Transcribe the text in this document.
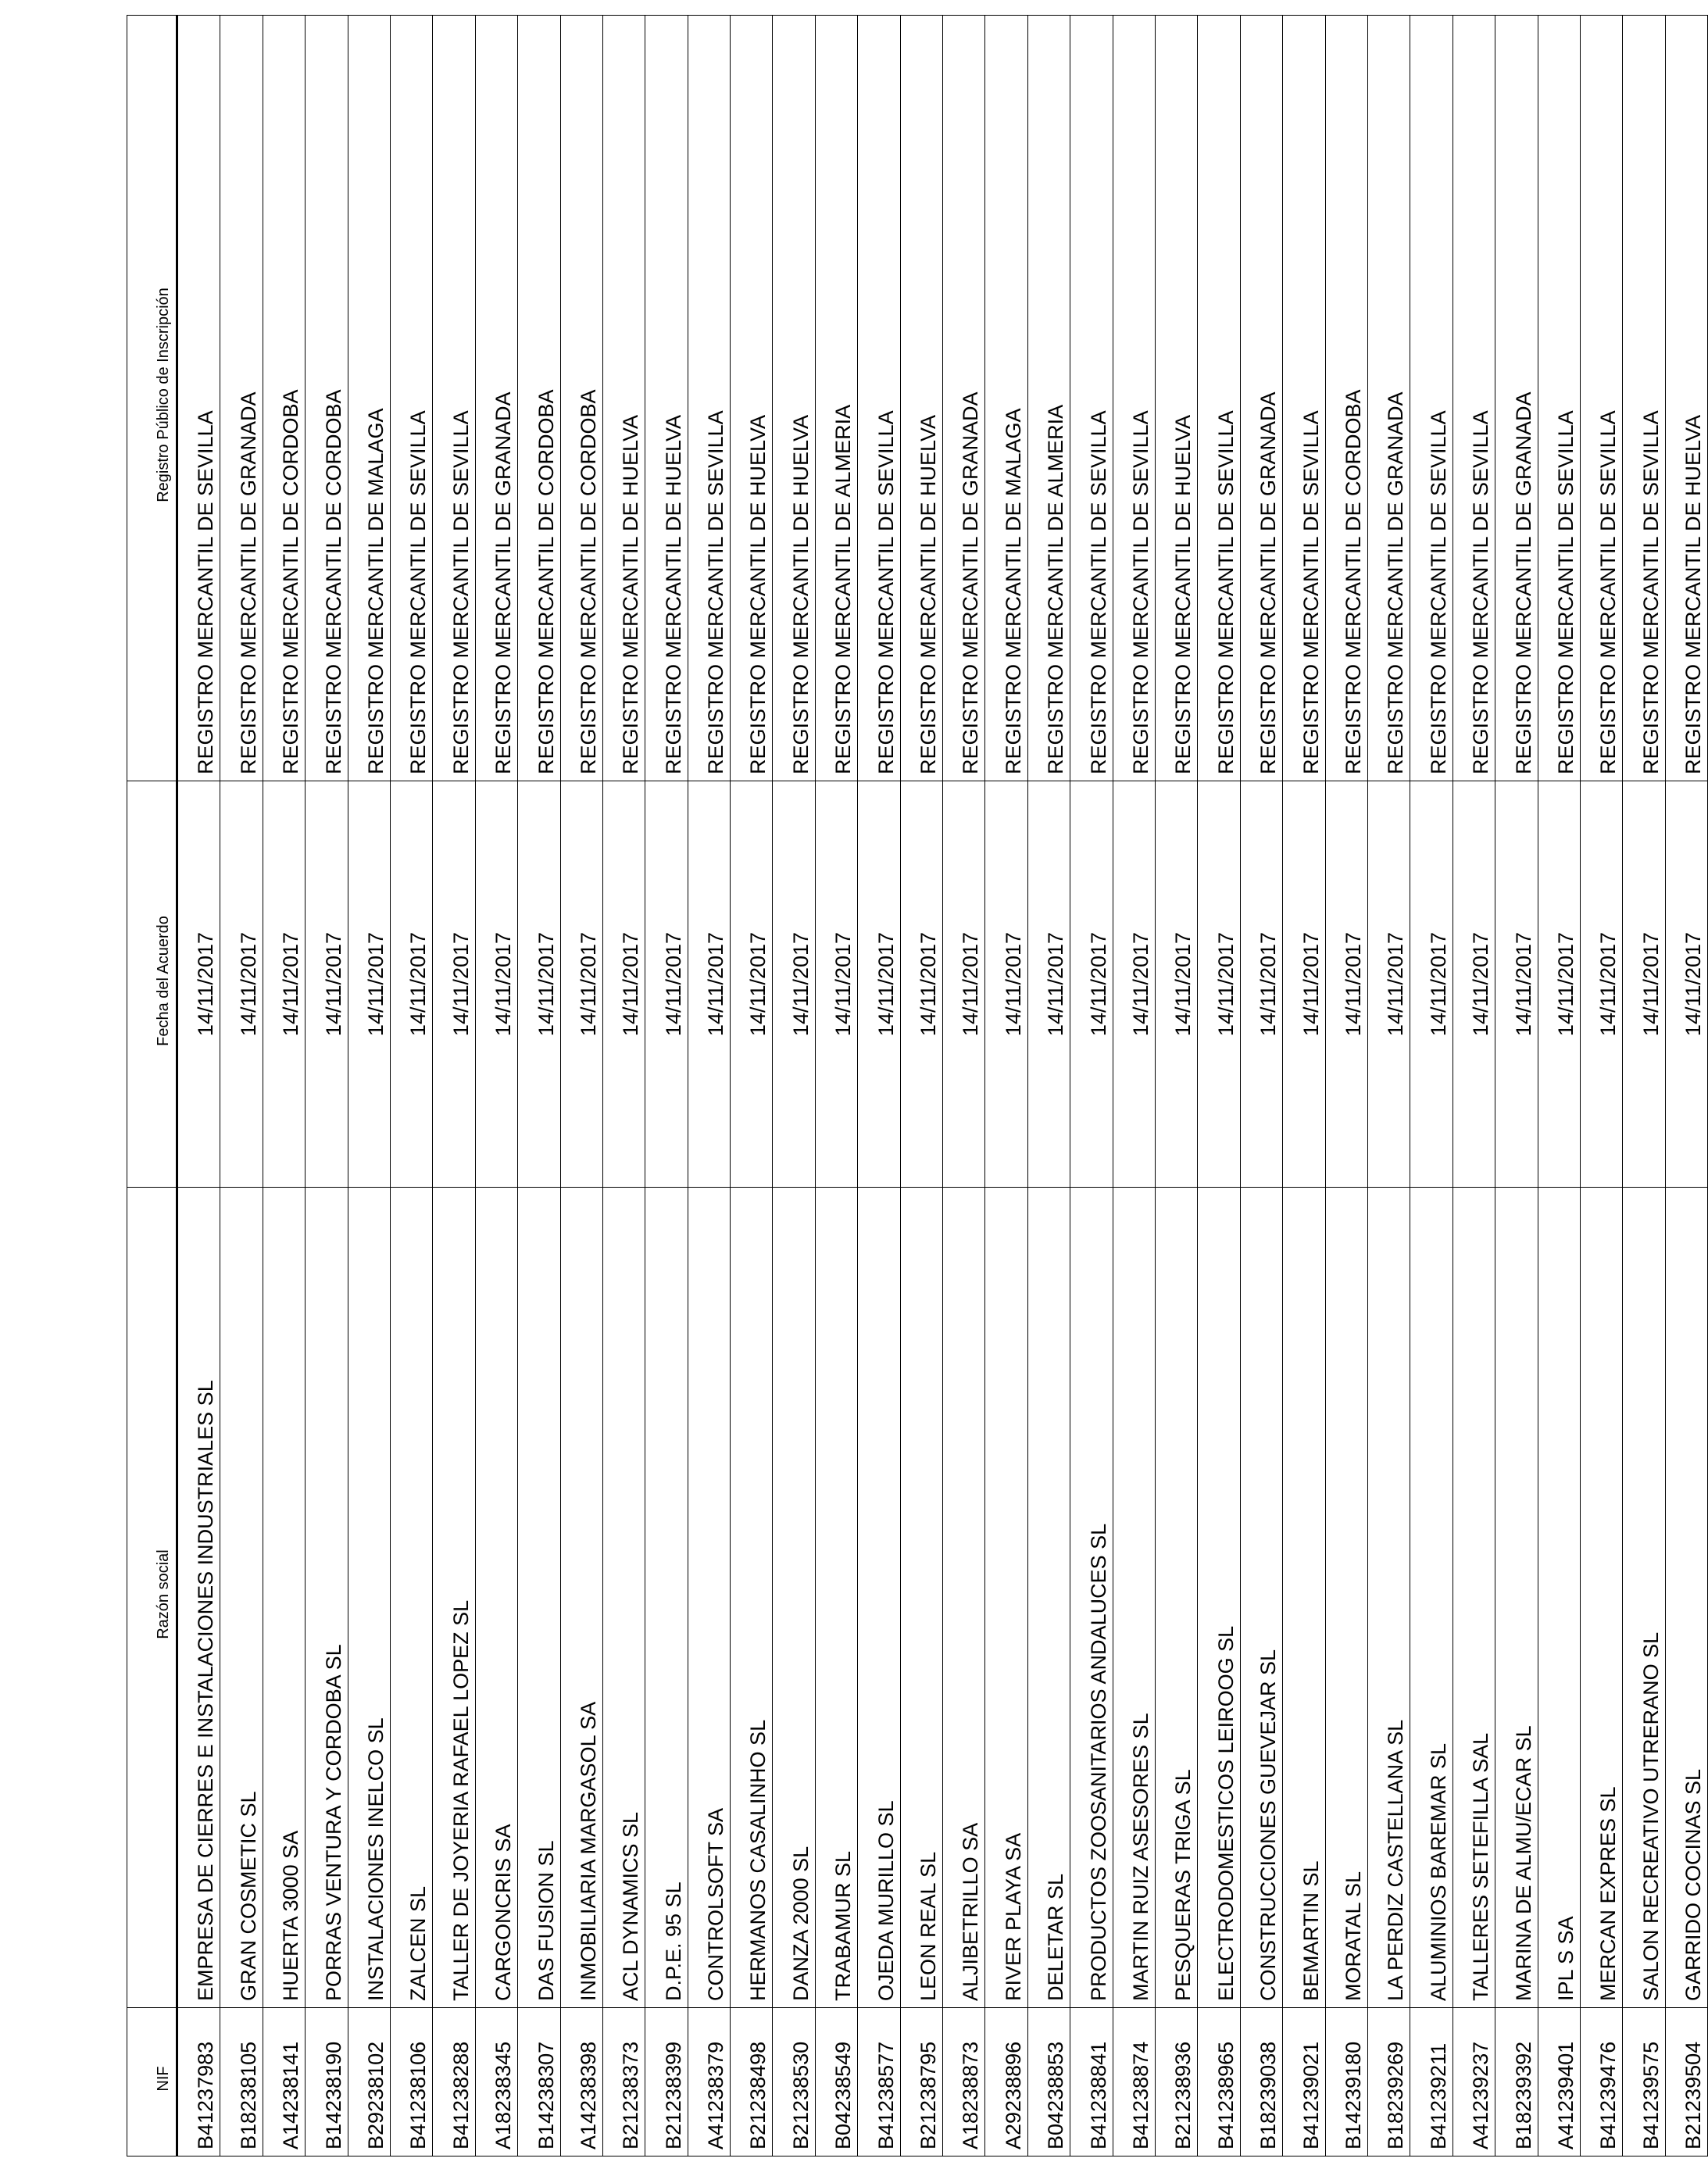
NIF	Razón social	Fecha del Acuerdo	Registro Público de Inscripción
B41237983	EMPRESA DE CIERRES E INSTALACIONES INDUSTRIALES SL	14/11/2017	REGISTRO MERCANTIL DE SEVILLA
B18238105	GRAN COSMETIC SL	14/11/2017	REGISTRO MERCANTIL DE GRANADA
A14238141	HUERTA 3000 SA	14/11/2017	REGISTRO MERCANTIL DE CORDOBA
B14238190	PORRAS VENTURA Y CORDOBA SL	14/11/2017	REGISTRO MERCANTIL DE CORDOBA
B29238102	INSTALACIONES INELCO SL	14/11/2017	REGISTRO MERCANTIL DE MALAGA
B41238106	ZALCEN SL	14/11/2017	REGISTRO MERCANTIL DE SEVILLA
B41238288	TALLER DE JOYERIA RAFAEL LOPEZ SL	14/11/2017	REGISTRO MERCANTIL DE SEVILLA
A18238345	CARGONCRIS SA	14/11/2017	REGISTRO MERCANTIL DE GRANADA
B14238307	DAS FUSION SL	14/11/2017	REGISTRO MERCANTIL DE CORDOBA
A14238398	INMOBILIARIA MARGASOL SA	14/11/2017	REGISTRO MERCANTIL DE CORDOBA
B21238373	ACL DYNAMICS SL	14/11/2017	REGISTRO MERCANTIL DE HUELVA
B21238399	D.P.E. 95 SL	14/11/2017	REGISTRO MERCANTIL DE HUELVA
A41238379	CONTROLSOFT SA	14/11/2017	REGISTRO MERCANTIL DE SEVILLA
B21238498	HERMANOS CASALINHO SL	14/11/2017	REGISTRO MERCANTIL DE HUELVA
B21238530	DANZA 2000 SL	14/11/2017	REGISTRO MERCANTIL DE HUELVA
B04238549	TRABAMUR SL	14/11/2017	REGISTRO MERCANTIL DE ALMERIA
B41238577	OJEDA MURILLO SL	14/11/2017	REGISTRO MERCANTIL DE SEVILLA
B21238795	LEON REAL SL	14/11/2017	REGISTRO MERCANTIL DE HUELVA
A18238873	ALJIBETRILLO SA	14/11/2017	REGISTRO MERCANTIL DE GRANADA
A29238896	RIVER PLAYA SA	14/11/2017	REGISTRO MERCANTIL DE MALAGA
B04238853	DELETAR SL	14/11/2017	REGISTRO MERCANTIL DE ALMERIA
B41238841	PRODUCTOS ZOOSANITARIOS ANDALUCES SL	14/11/2017	REGISTRO MERCANTIL DE SEVILLA
B41238874	MARTIN RUIZ ASESORES SL	14/11/2017	REGISTRO MERCANTIL DE SEVILLA
B21238936	PESQUERAS TRIGA SL	14/11/2017	REGISTRO MERCANTIL DE HUELVA
B41238965	ELECTRODOMESTICOS LEIROOG SL	14/11/2017	REGISTRO MERCANTIL DE SEVILLA
B18239038	CONSTRUCCIONES GUEVEJAR SL	14/11/2017	REGISTRO MERCANTIL DE GRANADA
B41239021	BEMARTIN SL	14/11/2017	REGISTRO MERCANTIL DE SEVILLA
B14239180	MORATAL SL	14/11/2017	REGISTRO MERCANTIL DE CORDOBA
B18239269	LA PERDIZ CASTELLANA SL	14/11/2017	REGISTRO MERCANTIL DE GRANADA
B41239211	ALUMINIOS BAREMAR SL	14/11/2017	REGISTRO MERCANTIL DE SEVILLA
A41239237	TALLERES SETEFILLA SAL	14/11/2017	REGISTRO MERCANTIL DE SEVILLA
B18239392	MARINA DE ALMU/ECAR SL	14/11/2017	REGISTRO MERCANTIL DE GRANADA
A41239401	IPL S SA	14/11/2017	REGISTRO MERCANTIL DE SEVILLA
B41239476	MERCAN EXPRES SL	14/11/2017	REGISTRO MERCANTIL DE SEVILLA
B41239575	SALON RECREATIVO UTRERANO SL	14/11/2017	REGISTRO MERCANTIL DE SEVILLA
B21239504	GARRIDO COCINAS SL	14/11/2017	REGISTRO MERCANTIL DE HUELVA
